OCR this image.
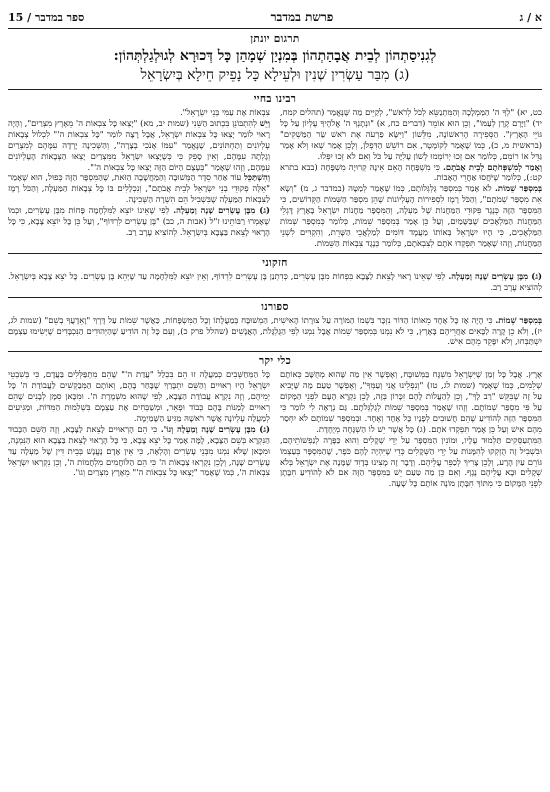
א / ג
פרשת במדבר
ספר במדבר / 15
תרגום יונתן
לְגִנִיסַתְהוֹן לְבֵית אֲבָהַתְהוֹן בְּמִנְיַן שְׁמָהַן כָּל דְּכוּרָא לְגוּלְגַלְתְּהוֹן:
(ג) מִבַּר עַשְׂרִין שְׁנִין וּלְעֵילָא כָּל נָפֵיק חֵילָא בְּיִשְׂרָאֵל
רבינו בחיי

כט, יא) "לְךָ ה' הַמַּמְלָכָה וְהַמִּתְנַשֵּׂא לְכֹל לְרֹאשׁ", לְקַיֵּים מַה שֶּׁנֶּאֱמַר (תהלים קמח, יד) "וַיָּרֶם קֶרֶן לְעַמּוֹ", וְכֵן הוּא אוֹמֵר (דברים כח, א) "וּנְתָנְךָ ה' אֱלֹהֶיךָ עֶלְיוֹן עַל כָּל גּוֹיֵי הָאָרֶץ". הַסְּפִירָה הָרִאשׁוֹנָה, מִלְּשׁוֹן "וַיִּשָּׂא פַרְעֹה אֶת רֹאשׁ שַׂר הַמַּשְׁקִים" (בראשית מ, כ), כְּמוֹ שֶׁאָמַר לְקוֹמֶטֶר, אִם רוֹשֵׁשׁ הַדִּפְלֹן, וְלָכֵן אָמַר שְׁאוּ וְלֹא אָמַר גַּדֵּל אוֹ רוֹמֵם, כְּלוֹמַר אִם זְכוּ יְרוֹמְמוּ לְשׁוֹן עָלִיָּה עַל כֹּל וְאִם לֹא זְכוּ יִפְּלוּ.

וְאָמַר לְמִשְׁפְּחֹתָם לְבֵית אֲבֹתָם. כִּי מִשְׁפָּחָה הָאֵם אֵינָהּ קְרוּיָה מִשְׁפָּחָה (בבא בתרא קט:), כְּלוֹמַר שֶׁיֹּחֲסוּ אַחֲרֵי הָאָבוֹת.

בְּמִסְפַּר שֵׁמוֹת. לֹא אָמַר בְּמִסְפַּר גֻּלְגְּלוֹתָם, כְּמוֹ שֶׁאָמַר לְמַטָּה (במדבר ג, מ) "וְשָׂא אֵת מִסְפַּר שְׁמֹתָם", וְהַכֹּל רֶמֶז לִסְפִירוֹת הָעֶלְיוֹנוֹת שֶׁהֵן מִסְפַּר הַשְּׁמוֹת הַקְּדוֹשִׁים, כִּי הַמִּסְפָּר הַזֶּה כְּנֶגֶד פִּקּוּדֵי הַמַּחֲנוֹת שֶׁל מַעְלָה, וְהַמִּסְפָּר מַחֲנוֹת יִשְׂרָאֵל בָּאָרֶץ דָּגְלֵי הַמַּחֲנוֹת הַמַּלְאָכִים שֶׁבַּשָּׁמַיִם, וְעַל כֵּן אָמַר בְּמִסְפַּר שֵׁמוֹת, כְּלוֹמַר כְּמִסְפַּר שְׁמוֹת הַמַּלְאָכִים, כִּי הָיוּ יִשְׂרָאֵל בְּאוֹתוֹ מַעֲמָד דּוֹמִים לְמַלְאֲכֵי הַשָּׁרֵת, וְהִקְדִּים לִשְׁנֵי הַמַּחֲנוֹת, וְזֶהוּ שֶׁאָמַר תִּפְקְדוּ אֹתָם לְצִבְאֹתָם, כְּלוֹמַר כְּנֶגֶד צִבְאוֹת הַשֵּׁמוֹת.

צִבְאוֹת אֶת עַמִּי בְּנֵי יִשְׂרָאֵל".

וְיֵשׁ לְהִתְבּוֹנֵן בִּכְתוּב הַשֵּׁנִי (שמות יב, מא) "יָצְאוּ כָּל צִבְאוֹת ה' מֵאֶרֶץ מִצְרַיִם", וְהָיָה רָאוּי לוֹמַר יָצְאוּ כָּל צִבְאוֹת יִשְׂרָאֵל, אֲבָל רָצָה לוֹמַר "כָּל צִבְאוֹת ה'" לִכְלוֹל צְבָאוֹת עֶלְיוֹנִים וְתַחְתּוֹנִים, שֶׁנֶּאֱמַר "עִמּוֹ אָנֹכִי בְצָרָה", וְהַשְּׁכִינָה יָרְדָה עִמָּהֶם לְמִצְרַיִם וְגָלְתָה עִמָּהֶם, וְאֵין סָפֵק כִּי כְּשֶׁיָּצְאוּ יִשְׂרָאֵל מִמִּצְרַיִם יָצְאוּ הַצְּבָאוֹת הָעֶלְיוֹנִים עִמָּהֶם, וְזֶהוּ שֶׁאָמַר "בְּעֶצֶם הַיּוֹם הַזֶּה יָצְאוּ כָּל צִבְאוֹת ה'".

וְהִשְׁתַּכֵּל עוֹד אַחַר סֵדֶר הַמְּשׁוּבָה וְהַמַּחֲשָׁבָה הַזֹּאת, שֶׁהַמִּסְפָּר הַזֶּה כְּפוּל, הוּא שֶׁאָמַר "אֵלֶּה פְקוּדֵי בְנֵי יִשְׂרָאֵל לְבֵית אֲבֹתָם", וְנִכְלָלִים בּוֹ כָּל צְבָאוֹת הַמַּעְלָה, וְהַכֹּל רֶמֶז לַצִּבְאוֹת הַמַּעְלָה שֶׁבִּשְׁבִיל הֵם הִשְׁרָה הַשְּׁכִינָה.

(ג) מִבֶּן עֶשְׂרִים שָׁנָה וָמַעְלָה. לְפִי שֶׁאֵינוֹ יוֹצֵא לַמִּלְחָמָה פָּחוֹת מִבֶּן עֶשְׂרִים, וּכְמוֹ שֶׁאָמְרוּ רַבּוֹתֵינוּ ז"ל (אבות ה, כב) "בֶּן עֶשְׂרִים לִרְדּוֹף", וְעַל כֵּן כָּל יוֹצֵא צָבָא, כִּי כָּל הָרָאוּי לָצֵאת בַּצָּבָא בְּיִשְׂרָאֵל. לְהוֹצִיא עֶרֶב רַב.

חזקוני

(ג) מִבֶּן עֶשְׂרִים שָׁנָה וָמַעְלָה. לְפִי שֶׁאֵינוֹ רָאוּי לָצֵאת לַצָּבָא בִּפְחוֹת מִבֶּן עֶשְׂרִים, כְּדִתְנַן בֶּן עֶשְׂרִים לִרְדּוֹף, וְאֵין יוֹצֵא לַמִּלְחָמָה עַד שֶׁיְּהֵא בֶּן עֶשְׂרִים. כָּל יֹצֵא צָבָא בְּיִשְׂרָאֵל. לְהוֹצִיא עֶרֶב רַב.

ספורנו

בְּמִסְפַּר שֵׁמוֹת. כִּי הָיָה אָז כָּל אֶחָד מֵאוֹתוֹ הַדּוֹר נִזְכָּר בִּשְׁמוֹ הַמּוֹרֶה עַל צוּרָתוֹ הָאִישִׁית, הַמְשׁוּבָּח בְּמַעֲלָתוֹ וְכָל הַמִּשְׂפָּחוֹת, כַּאֲשֶׁר שֵׁמוֹת עַל דֶּרֶךְ "וָאֵדָעֲךָ בְשֵׁם" (שמות לג, יז), וְלֹא כֵן קָרָה לַבָּאִים אַחֲרֵיהֶם בָּאָרֶץ, כִּי לֹא נִמְנוּ בְּמִסְפַּר שֵׁמוֹת אֲבָל נִמְנוּ לְפִי הַגֻּלְגָּלֹת, הָאֲנָשִׁים (שהלל פרק כ), וְעִם כָּל זֶה הוֹדִיעַ שֶׁהַיְּהוּדִים הַנִּכְבָּדִים שֶׁיְּשִׂימוּ עַצְמָם יִשְׁתַּבְּחוּ, וְלֹא יִפָּקֵד מֵהֶם אִישׁ.

כלי יקר

אֶרֶץ. אֲבָל כָּל זְמַן שֶׁיִּשְׂרָאֵל מִשְׁגָּח בַּמְּשׁוּבָּח, וְאֶפְשָׁר אֵין מַה שֶּׁהוּא מְחֻשָּׁב כְּאוֹתָם שְׁלֵמִים, כְּמוֹ שֶׁאָמַר (שמות לג, טז) "וְנִפְלֵינוּ אֲנִי וְעַמְּךָ", וְאֶפְשָׁר טַעַם מַה שֶּׁיָּבִיא עַל זֶה שֶׁבִּקֵּשׁ "רַב לָךְ", וְכֵן לְהַעֲלוֹת לָהֶם זִכָּרוֹן בְּזֶה, לָכֵן נִקְרָא הָעָם לִפְנֵי הַמָּקוֹם עַל פִּי מִסְפַּר שְׁמוֹתָם. וְזֶהוּ שֶׁאָמַר בְּמִסְפַּר שֵׁמוֹת לְגֻלְגְּלֹתָם. גַּם נְרָאֶה לִי לוֹמַר כִּי הַמִּסְפָּר הַזֶּה לְהוֹדִיעַ שֶׁהֵם חֲשׁוּבִים לְפָנָיו כָּל אֶחָד וְאֶחָד. וּבְמִסְפַּר שְׁמוֹתָם לֹא יִחְסַר מֵהֶם אִישׁ וְעַל כֵּן אָמַר תִּפְקְדוּ אֹתָם. (ג) כָּל אֲשֶׁר יֵשׁ לוֹ הַשְׁגָּחָה מְיֻחֶדֶת.

הַמִּתְעַסְּקִים תַּלְמוּד עָלָיו, וּמוֹנִין הַמִּסְפָּר עַל יְדֵי שְׁקָלִים וְהוּא כַּפָּרָה לְנַפְשׁוֹתֵיהֶם, וּבִשְׁבִיל זֶה הֻזְקְקוּ לְהִמָּנוֹת עַל יְדֵי הַשְּׁקָלִים כְּדֵי שֶׁיִּהְיֶה לָהֶם כֹּפֶר, שֶׁהַמִּסְפָּר בְּעַצְמוֹ גּוֹרֵם עַיִן הָרָע, וְלָכֵן צָרִיךְ לְכַפֵּר עֲלֵיהֶם. וְדָבָר זֶה מָצִינוּ בְּדָוִד שֶׁמָּנָה אֶת יִשְׂרָאֵל בְּלֹא שְׁקָלִים וּבָא עֲלֵיהֶם נֶגֶף. וְאִם כֵּן מַה טַּעַם יֵשׁ בַּמִּסְפָּר הַזֶּה אִם לֹא לְהוֹדִיעַ חִבָּתָן לִפְנֵי הַמָּקוֹם כִּי מִתּוֹךְ חִבָּתָן מוֹנֶה אוֹתָם כָּל שָׁעָה.

כָּל הַמְּחַשְּׁבִים כְּמַעֲלָה זוּ הֵם בִּכְלַל "עֲדַת ה'" שֶׁהֵם מִתְפַּלְּלִים בַּעֲדָם, כִּי בְּשִׁבְטֵי יִשְׂרָאֵל הָיוּ רְאוּיִים וְהַשֵּׁם יִתְבָּרַךְ שֶׁבָּחַר בָּהֶם, וְאוֹתָם הַמְּבַקְשִׁים לַעֲבוֹדַת ה' כָּל יְמֵיהֶם, וְזֶה נִקְרָא עֲבוֹדַת הַצָּבָא, לְפִי שֶׁהוּא מִשְׁמֶרֶת ה'. וּמִכָּאן סִמָּן לְבָנִים שֶׁהֵם רְאוּיִים לְמַנּוֹת בָּהֶם כְּבוֹד וּפְאֵר, וּמְשַׁבְּחִים אֶת עַצְמָם בִּשְׁלֵמוּת הַמִּדּוֹת, וּמַגִּיעִים לְמַעֲלָה עֶלְיוֹנָה אֲשֶׁר רֹאשָׁהּ מַגִּיעַ הַשָּׁמַיְמָה.

(ג) מִבֶּן עֶשְׂרִים שָׁנָה וָמַעְלָה וְגוֹ'. כִּי הֵם הָרְאוּיִים לָצֵאת לַצָּבָא, וְזֶה הַשֵּׁם הַכָּבוּד הַנִּקְרָא בְּשֵׁם הַצָּבָא, לָמָּה אָמַר כָּל יֹצֵא צָבָא, כִּי כָּל הָרָאוּי לָצֵאת בַּצָּבָא הוּא הַנִּמְנֶה, וּמִכָּאן שֶׁלֹּא נִמְנוּ מִבְּנֵי עֶשְׂרִים וְהָלְאָה, כִּי אֵין אָדָם נֶעֱנָשׁ בְּבֵית דִּין שֶׁל מַעְלָה עַד עֶשְׂרִים שָׁנָה, וְלָכֵן נִקְרְאוּ צְבָאוֹת ה' כִּי הֵם הַלּוֹחֲמִים מִלְחֲמוֹת ה', וְכֵן נִקְרְאוּ יִשְׂרָאֵל צִבְאוֹת ה', כְּמוֹ שֶׁאָמַר "יָצְאוּ כָּל צִבְאוֹת ה'" מֵאֶרֶץ מִצְרַיִם וְגוֹ'.
